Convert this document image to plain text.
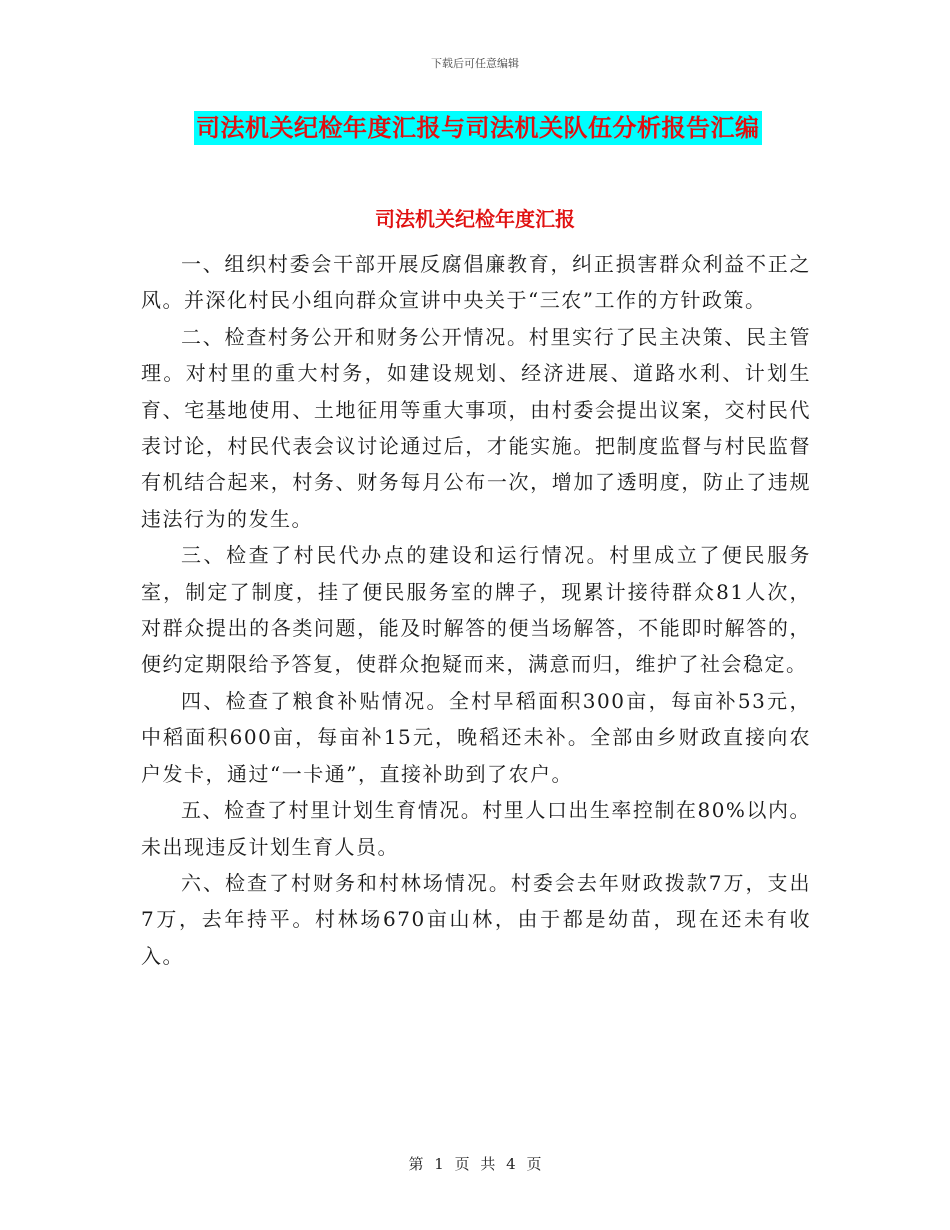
下载后可任意编辑
司法机关纪检年度汇报与司法机关队伍分析报告汇编
司法机关纪检年度汇报

一、组织村委会干部开展反腐倡廉教育，纠正损害群众利益不正之风。并深化村民小组向群众宣讲中央关于“三农”工作的方针政策。

二、检查村务公开和财务公开情况。村里实行了民主决策、民主管理。对村里的重大村务，如建设规划、经济进展、道路水利、计划生育、宅基地使用、土地征用等重大事项，由村委会提出议案，交村民代表讨论，村民代表会议讨论通过后，才能实施。把制度监督与村民监督有机结合起来，村务、财务每月公布一次，增加了透明度，防止了违规违法行为的发生。

三、检查了村民代办点的建设和运行情况。村里成立了便民服务室，制定了制度，挂了便民服务室的牌子，现累计接待群众81人次，对群众提出的各类问题，能及时解答的便当场解答，不能即时解答的，便约定期限给予答复，使群众抱疑而来，满意而归，维护了社会稳定。

四、检查了粮食补贴情况。全村早稻面积300亩，每亩补53元，中稻面积600亩，每亩补15元，晚稻还未补。全部由乡财政直接向农户发卡，通过“一卡通”，直接补助到了农户。

五、检查了村里计划生育情况。村里人口出生率控制在80%以内。未出现违反计划生育人员。

六、检查了村财务和村林场情况。村委会去年财政拨款7万，支出7万，去年持平。村林场670亩山林，由于都是幼苗，现在还未有收入。

第 1 页 共 4 页
